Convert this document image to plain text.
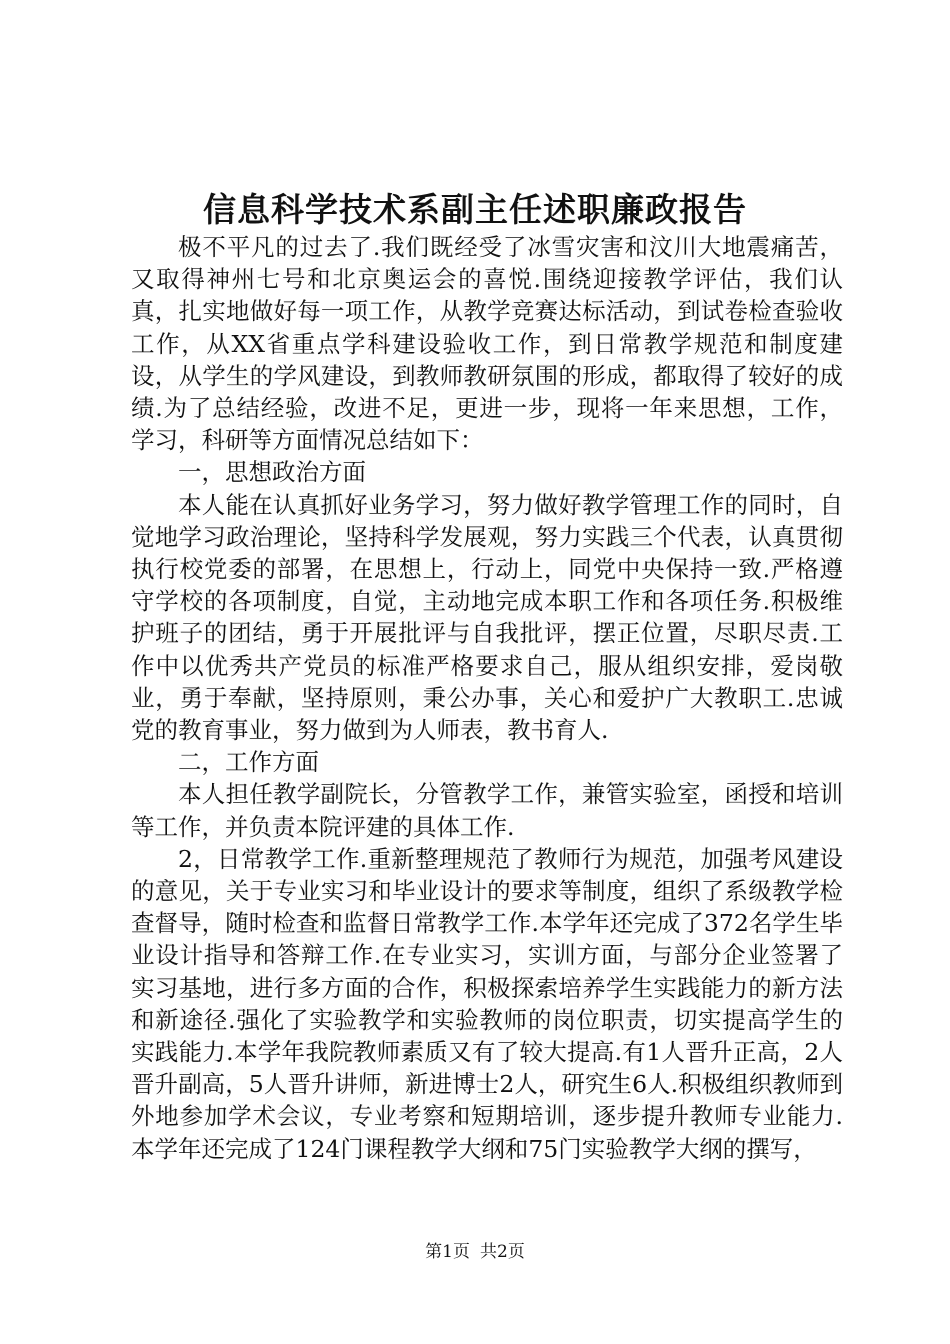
信息科学技术系副主任述职廉政报告

极不平凡的过去了.我们既经受了冰雪灾害和汶川大地震痛苦，又取得神州七号和北京奥运会的喜悦.围绕迎接教学评估，我们认真，扎实地做好每一项工作，从教学竞赛达标活动，到试卷检查验收工作，从XX省重点学科建设验收工作，到日常教学规范和制度建设，从学生的学风建设，到教师教研氛围的形成，都取得了较好的成绩.为了总结经验，改进不足，更进一步，现将一年来思想，工作，学习，科研等方面情况总结如下：

一，思想政治方面

本人能在认真抓好业务学习，努力做好教学管理工作的同时，自觉地学习政治理论，坚持科学发展观，努力实践三个代表，认真贯彻执行校党委的部署，在思想上，行动上，同党中央保持一致.严格遵守学校的各项制度，自觉，主动地完成本职工作和各项任务.积极维护班子的团结，勇于开展批评与自我批评，摆正位置，尽职尽责.工作中以优秀共产党员的标准严格要求自己，服从组织安排，爱岗敬业，勇于奉献，坚持原则，秉公办事，关心和爱护广大教职工.忠诚党的教育事业，努力做到为人师表，教书育人.

二，工作方面

本人担任教学副院长，分管教学工作，兼管实验室，函授和培训等工作，并负责本院评建的具体工作.

2，日常教学工作.重新整理规范了教师行为规范，加强考风建设的意见，关于专业实习和毕业设计的要求等制度，组织了系级教学检查督导，随时检查和监督日常教学工作.本学年还完成了372名学生毕业设计指导和答辩工作.在专业实习，实训方面，与部分企业签署了实习基地，进行多方面的合作，积极探索培养学生实践能力的新方法和新途径.强化了实验教学和实验教师的岗位职责，切实提高学生的实践能力.本学年我院教师素质又有了较大提高.有1人晋升正高，2人晋升副高，5人晋升讲师，新进博士2人，研究生6人.积极组织教师到外地参加学术会议，专业考察和短期培训，逐步提升教师专业能力.本学年还完成了124门课程教学大纲和75门实验教学大纲的撰写，

第1页 共2页
